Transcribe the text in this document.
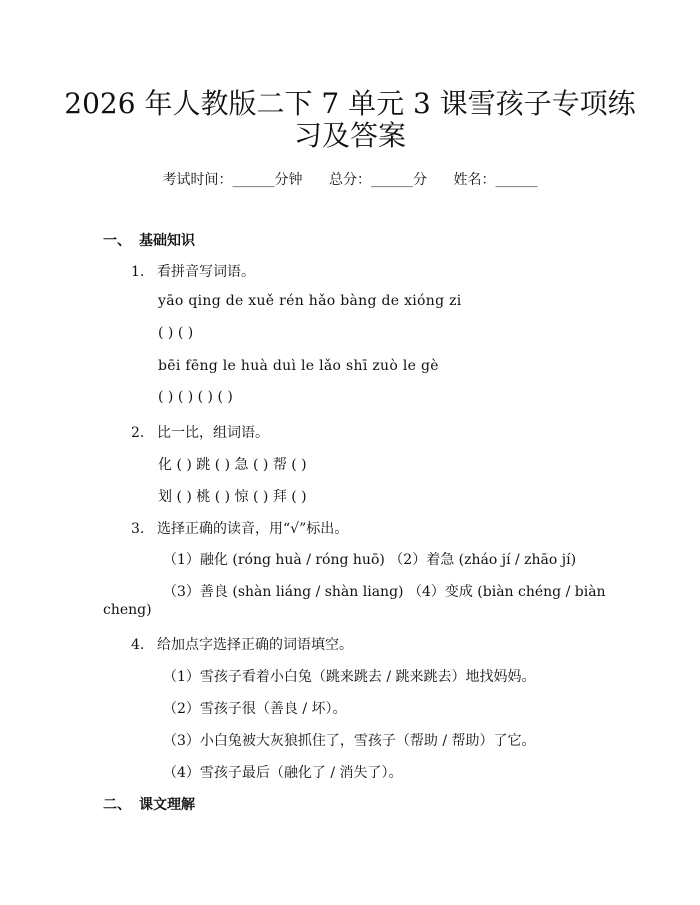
2026 年人教版二下 7 单元 3 课雪孩子专项练
习及答案
考试时间：______分钟 总分：______分 姓名：______
一、 基础知识
1. 看拼音写词语。
yāo qing de xuě rén hǎo bàng de xióng zi
( ) ( )
bēi fēng le huà duì le lǎo shī zuò le gè
( ) ( ) ( ) ( )
2. 比一比，组词语。
化 ( ) 跳 ( ) 急 ( ) 帮 ( )
划 ( ) 桃 ( ) 惊 ( ) 拜 ( )
3. 选择正确的读音，用“√”标出。
（1）融化 (róng huà / róng huō) （2）着急 (zháo jí / zhāo jí)
（3）善良 (shàn liáng / shàn liang) （4）变成 (biàn chéng / biàn
cheng)
4. 给加点字选择正确的词语填空。
（1）雪孩子看着小白兔（跳来跳去 / 跳来跳去）地找妈妈。
（2）雪孩子很（善良 / 坏）。
（3）小白兔被大灰狼抓住了，雪孩子（帮助 / 帮助）了它。
（4）雪孩子最后（融化了 / 消失了）。
二、 课文理解
